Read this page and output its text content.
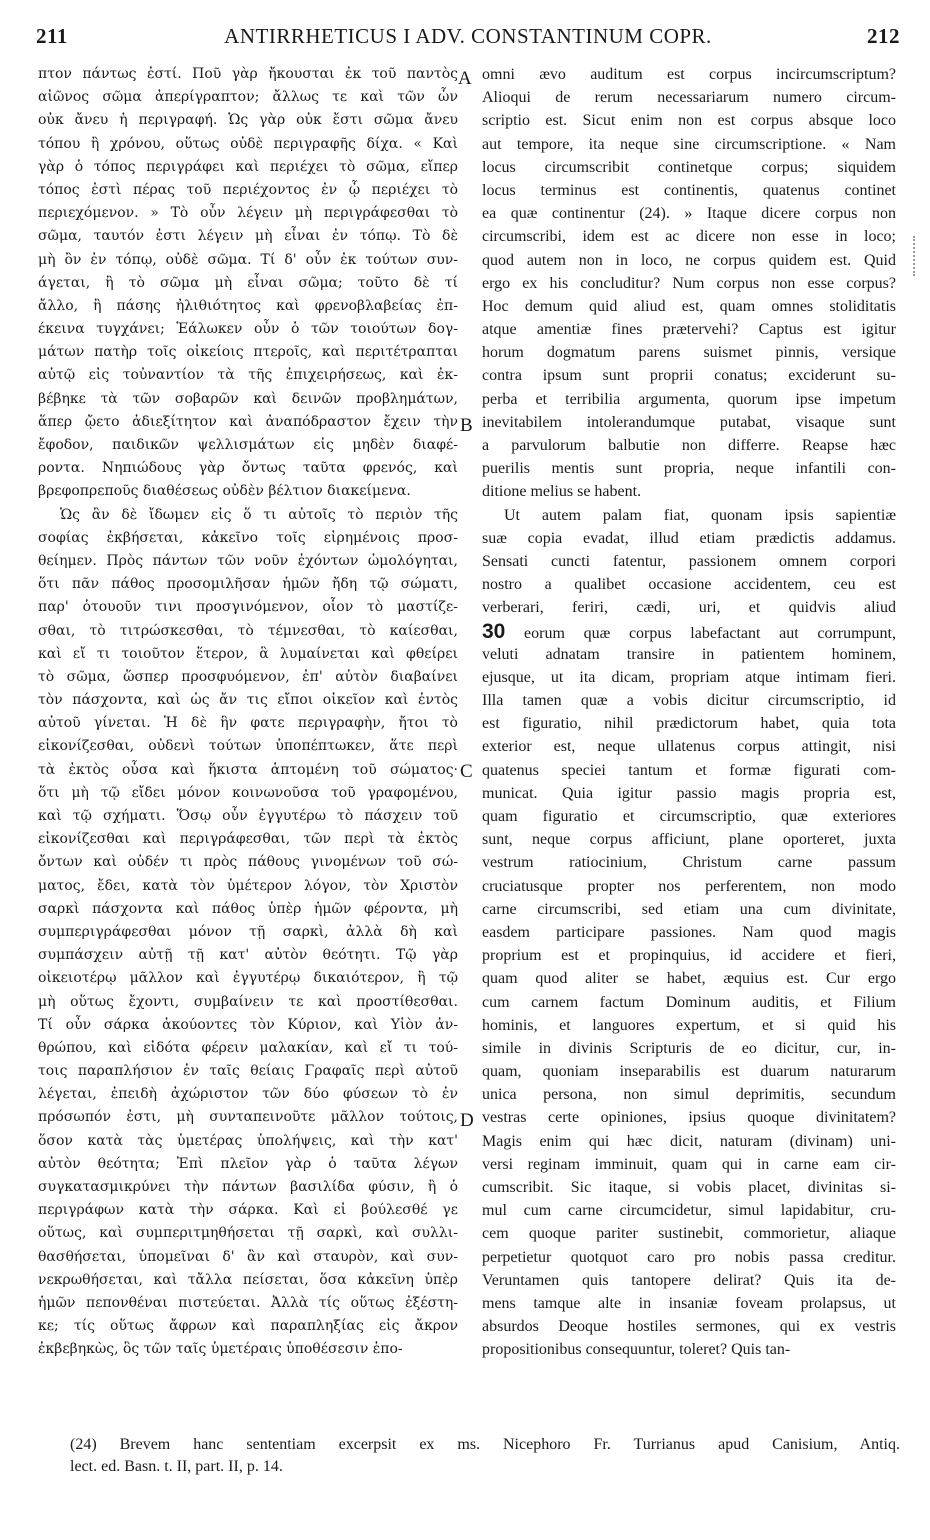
211	ANTIRRHETICUS I ADV. CONSTANTINUM COPR.	212
πτον πάντως ἐστί. Ποῦ γὰρ ἤκουσται ἐκ τοῦ παντὸς
αἰῶνος σῶμα ἀπερίγραπτον; ἄλλως τε καὶ τῶν ὧν
οὐκ ἄνευ ἡ περιγραφή. Ὡς γὰρ οὐκ ἔστι σῶμα ἄνευ
τόπου ἢ χρόνου, οὕτως οὐδὲ περιγραφῆς δίχα. « Καὶ
γὰρ ὁ τόπος περιγράφει καὶ περιέχει τὸ σῶμα, εἴπερ
τόπος ἐστὶ πέρας τοῦ περιέχοντος ἐν ᾧ περιέχει τὸ
περιεχόμενον. » Τὸ οὖν λέγειν μὴ περιγράφεσθαι τὸ
σῶμα, ταυτόν ἐστι λέγειν μὴ εἶναι ἐν τόπῳ. Τὸ δὲ
μὴ ὂν ἐν τόπῳ, οὐδὲ σῶμα. Τί δ' οὖν ἐκ τούτων συν-
άγεται, ἢ τὸ σῶμα μὴ εἶναι σῶμα; τοῦτο δὲ τί
ἄλλο, ἢ πάσης ἠλιθιότητος καὶ φρενοβλαβείας ἐπ-
έκεινα τυγχάνει; Ἑάλωκεν οὖν ὁ τῶν τοιούτων δογ-
μάτων πατὴρ τοῖς οἰκείοις πτεροῖς, καὶ περιτέτραπται
αὐτῷ εἰς τοὐναντίον τὰ τῆς ἐπιχειρήσεως, καὶ ἐκ-
βέβηκε τὰ τῶν σοβαρῶν καὶ δεινῶν προβλημάτων,
ἅπερ ᾤετο ἀδιεξίτητον καὶ ἀναπόδραστον ἔχειν τὴν
ἔφοδον, παιδικῶν ψελλισμάτων εἰς μηδὲν διαφέ-
ροντα. Νηπιώδους γὰρ ὄντως ταῦτα φρενός, καὶ
βρεφοπρεποῦς διαθέσεως οὐδὲν βέλτιον διακείμενα.
Ὡς ἂν δὲ ἴδωμεν εἰς ὅ τι αὐτοῖς τὸ περιὸν τῆς
σοφίας ἐκβήσεται, κἀκεῖνο τοῖς εἰρημένοις προσ-
θείημεν. Πρὸς πάντων τῶν νοῦν ἐχόντων ὡμολόγηται,
ὅτι πᾶν πάθος προσομιλῆσαν ἡμῶν ἤδη τῷ σώματι,
παρ' ὁτουοῦν τινι προσγινόμενον, οἷον τὸ μαστίζε-
σθαι, τὸ τιτρώσκεσθαι, τὸ τέμνεσθαι, τὸ καίεσθαι,
καὶ εἴ τι τοιοῦτον ἕτερον, ἃ λυμαίνεται καὶ φθείρει
τὸ σῶμα, ὥσπερ προσφυόμενον, ἐπ' αὐτὸν διαβαίνει
τὸν πάσχοντα, καὶ ὡς ἄν τις εἴποι οἰκεῖον καὶ ἐντὸς
αὐτοῦ γίνεται. Ἡ δὲ ἣν φατε περιγραφὴν, ἤτοι τὸ
εἰκονίζεσθαι, οὐδενὶ τούτων ὑποπέπτωκεν, ἅτε περὶ
τὰ ἐκτὸς οὖσα καὶ ἥκιστα ἁπτομένη τοῦ σώματος·
ὅτι μὴ τῷ εἴδει μόνον κοινωνοῦσα τοῦ γραφομένου,
καὶ τῷ σχήματι. Ὅσῳ οὖν ἐγγυτέρω τὸ πάσχειν τοῦ
εἰκονίζεσθαι καὶ περιγράφεσθαι, τῶν περὶ τὰ ἐκτὸς
ὄντων καὶ οὐδέν τι πρὸς πάθους γινομένων τοῦ σώ-
ματος, ἔδει, κατὰ τὸν ὑμέτερον λόγον, τὸν Χριστὸν
σαρκὶ πάσχοντα καὶ πάθος ὑπὲρ ἡμῶν φέροντα, μὴ
συμπεριγράφεσθαι μόνον τῇ σαρκὶ, ἀλλὰ δὴ καὶ
συμπάσχειν αὐτῇ τῇ κατ' αὐτὸν θεότητι. Τῷ γὰρ
οἰκειοτέρῳ μᾶλλον καὶ ἐγγυτέρῳ δικαιότερον, ἢ τῷ
μὴ οὕτως ἔχοντι, συμβαίνειν τε καὶ προστίθεσθαι.
Τί οὖν σάρκα ἀκούοντες τὸν Κύριον, καὶ Υἱὸν ἀν-
θρώπου, καὶ εἰδότα φέρειν μαλακίαν, καὶ εἴ τι τού-
τοις παραπλήσιον ἐν ταῖς θείαις Γραφαῖς περὶ αὐτοῦ
λέγεται, ἐπειδὴ ἀχώριστον τῶν δύο φύσεων τὸ ἐν
πρόσωπόν ἐστι, μὴ συνταπεινοῦτε μᾶλλον τούτοις,
ὅσον κατὰ τὰς ὑμετέρας ὑπολήψεις, καὶ τὴν κατ'
αὐτὸν θεότητα; Ἐπὶ πλεῖον γὰρ ὁ ταῦτα λέγων
συγκατασμικρύνει τὴν πάντων βασιλίδα φύσιν, ἢ ὁ
περιγράφων κατὰ τὴν σάρκα. Καὶ εἰ βούλεσθέ γε
οὕτως, καὶ συμπεριτμηθήσεται τῇ σαρκὶ, καὶ συλλι-
θασθήσεται, ὑπομεῖναι δ' ἂν καὶ σταυρὸν, καὶ συν-
νεκρωθήσεται, καὶ τἄλλα πείσεται, ὅσα κἀκεῖνη ὑπὲρ
ἡμῶν πεπονθέναι πιστεύεται. Ἀλλὰ τίς οὕτως ἐξέστη-
κε; τίς οὕτως ἄφρων καὶ παραπληξίας εἰς ἄκρον
ἐκβεβηκὼς, ὃς τῶν ταῖς ὑμετέραις ὑποθέσεσιν ἑπο-
omni ævo auditum est corpus incircumscriptum?
Alioqui de rerum necessariarum numero circum-
scriptio est. Sicut enim non est corpus absque loco
aut tempore, ita neque sine circumscriptione. « Nam
locus circumscribit continetque corpus; siquidem
locus terminus est continentis, quatenus continet
ea quæ continentur (24). » Itaque dicere corpus non
circumscribi, idem est ac dicere non esse in loco;
quod autem non in loco, ne corpus quidem est. Quid
ergo ex his concluditur? Num corpus non esse corpus?
Hoc demum quid aliud est, quam omnes stoliditatis
atque amentiæ fines prætervehi? Captus est igitur
horum dogmatum parens suismet pinnis, versique
contra ipsum sunt proprii conatus; exciderunt su-
perba et terribilia argumenta, quorum ipse impetum
inevitabilem intolerandumque putabat, visaque sunt
a parvulorum balbutie non differre. Reapse hæc
puerilis mentis sunt propria, neque infantili con-
ditione melius se habent.
Ut autem palam fiat, quonam ipsis sapientiæ
suæ copia evadat, illud etiam prædictis addamus.
Sensati cuncti fatentur, passionem omnem corpori
nostro a qualibet occasione accidentem, ceu est
verberari, feriri, cædi, uri, et quidvis aliud
30 eorum quæ corpus labefactant aut corrumpunt,
veluti adnatam transire in patientem hominem,
ejusque, ut ita dicam, propriam atque intimam fieri.
Illa tamen quæ a vobis dicitur circumscriptio, id
est figuratio, nihil prædictorum habet, quia tota
exterior est, neque ullatenus corpus attingit, nisi
quatenus speciei tantum et formæ figurati com-
municat. Quia igitur passio magis propria est,
quam figuratio et circumscriptio, quæ exteriores
sunt, neque corpus afficiunt, plane oporteret, juxta
vestrum ratiocinium, Christum carne passum
cruciatusque propter nos perferentem, non modo
carne circumscribi, sed etiam una cum divinitate,
easdem participare passiones. Nam quod magis
proprium est et propinquius, id accidere et fieri,
quam quod aliter se habet, æquius est. Cur ergo
cum carnem factum Dominum auditis, et Filium
hominis, et languores expertum, et si quid his
simile in divinis Scripturis de eo dicitur, cur, in-
quam, quoniam inseparabilis est duarum naturarum
unica persona, non simul deprimitis, secundum
vestras certe opiniones, ipsius quoque divinitatem?
Magis enim qui hæc dicit, naturam (divinam) uni-
versi reginam imminuit, quam qui in carne eam cir-
cumscribit. Sic itaque, si vobis placet, divinitas si-
mul cum carne circumcidetur, simul lapidabitur, cru-
cem quoque pariter sustinebit, commorietur, aliaque
perpetietur quotquot caro pro nobis passa creditur.
Veruntamen quis tantopere delirat? Quis ita de-
mens tamque alte in insaniæ foveam prolapsus, ut
absurdos Deoque hostiles sermones, qui ex vestris
propositionibus consequuntur, toleret? Quis tan-
A
B
C
D
(24) Brevem hanc sententiam excerpsit ex ms. Nicephoro Fr. Turrianus apud Canisium, Antiq.
lect. ed. Basn. t. II, part. II, p. 14.
